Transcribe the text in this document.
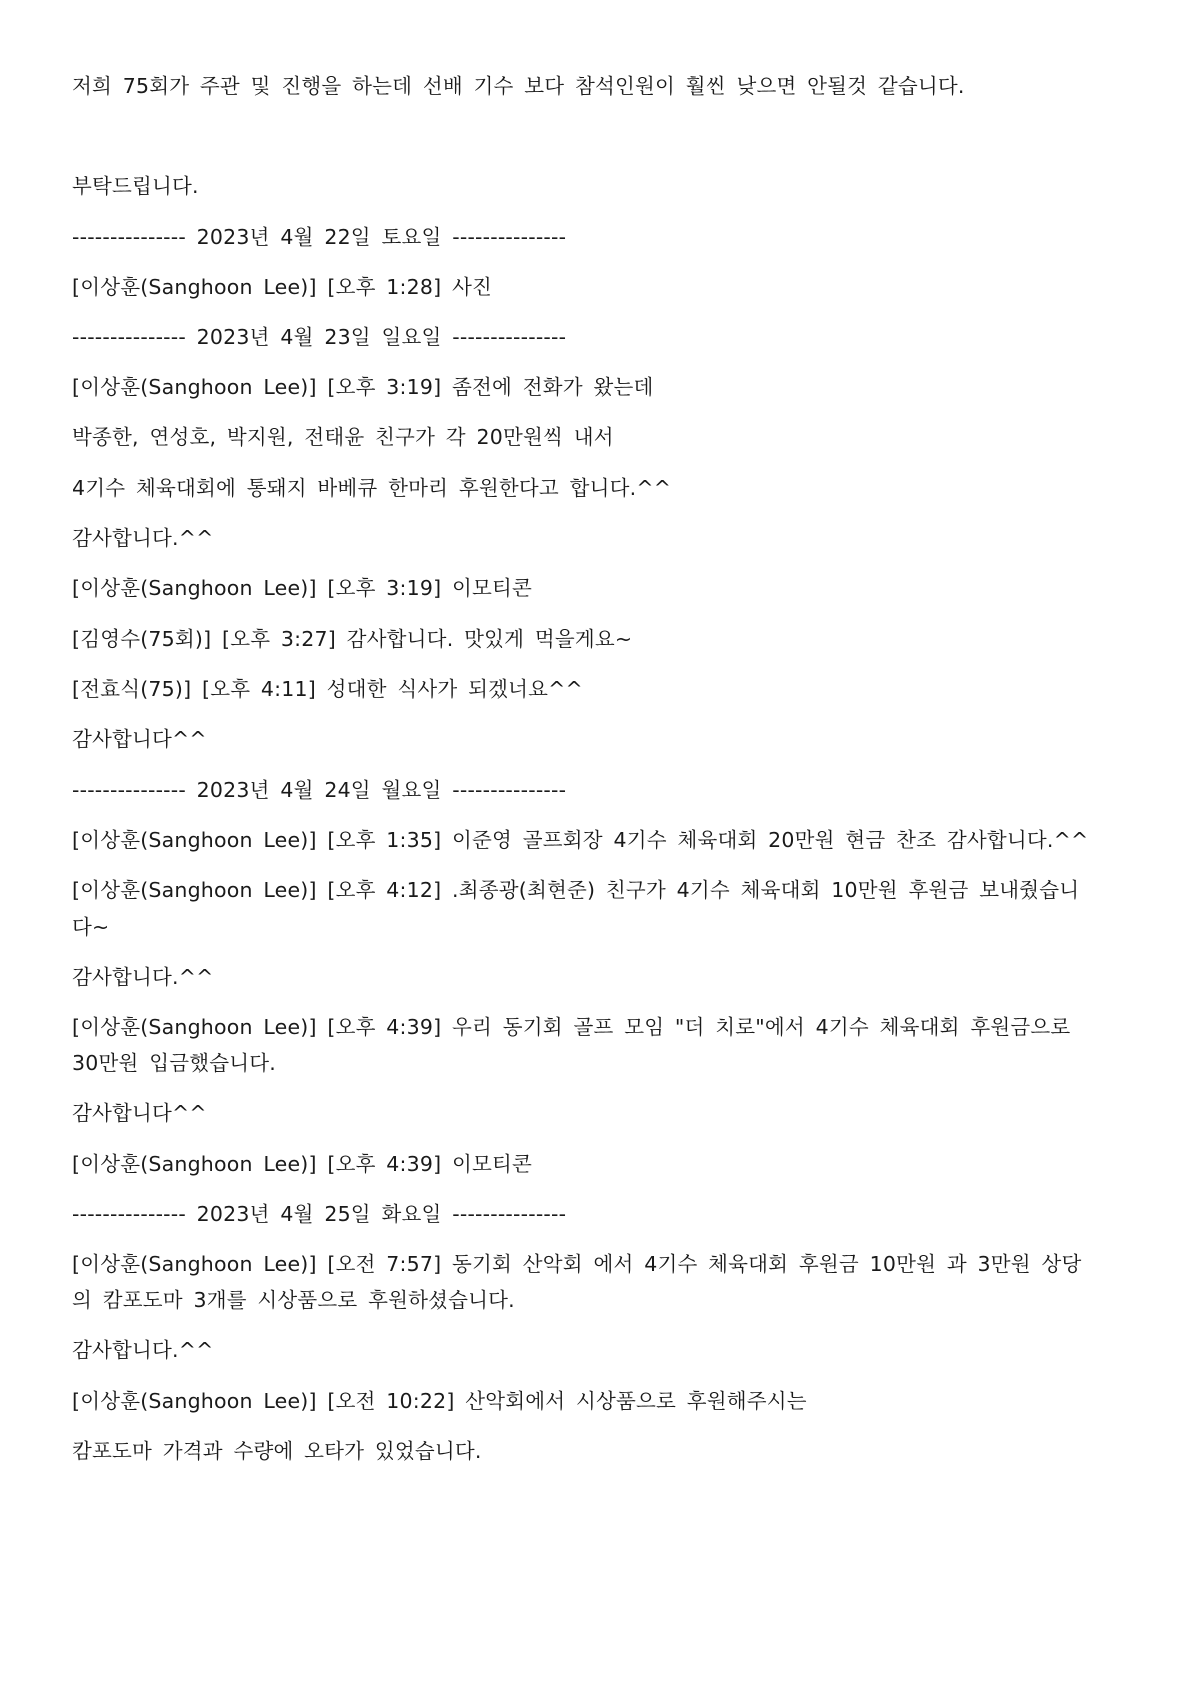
저희 75회가 주관 및 진행을 하는데 선배 기수 보다 참석인원이 훨씬 낮으면 안될것 같습니다.
부탁드립니다.
--------------- 2023년 4월 22일 토요일 ---------------
[이상훈(Sanghoon Lee)] [오후 1:28] 사진
--------------- 2023년 4월 23일 일요일 ---------------
[이상훈(Sanghoon Lee)] [오후 3:19] 좀전에 전화가 왔는데
박종한, 연성호, 박지원, 전태윤 친구가 각 20만원씩 내서
4기수 체육대회에 통돼지 바베큐 한마리 후원한다고 합니다.^^
감사합니다.^^
[이상훈(Sanghoon Lee)] [오후 3:19] 이모티콘
[김영수(75회)] [오후 3:27] 감사합니다. 맛있게 먹을게요~
[전효식(75)] [오후 4:11] 성대한 식사가 되겠너요^^
감사합니다^^
--------------- 2023년 4월 24일 월요일 ---------------
[이상훈(Sanghoon Lee)] [오후 1:35] 이준영 골프회장 4기수 체육대회 20만원 현금 찬조 감사합니다.^^
[이상훈(Sanghoon Lee)] [오후 4:12] .최종광(최현준) 친구가 4기수 체육대회 10만원 후원금 보내줬습니
다~
감사합니다.^^
[이상훈(Sanghoon Lee)] [오후 4:39] 우리 동기회 골프 모임 "더 치로"에서 4기수 체육대회 후원금으로
30만원 입금했습니다.
감사합니다^^
[이상훈(Sanghoon Lee)] [오후 4:39] 이모티콘
--------------- 2023년 4월 25일 화요일 ---------------
[이상훈(Sanghoon Lee)] [오전 7:57] 동기회 산악회 에서 4기수 체육대회 후원금 10만원 과 3만원 상당
의 캄포도마 3개를 시상품으로 후원하셨습니다.
감사합니다.^^
[이상훈(Sanghoon Lee)] [오전 10:22] 산악회에서 시상품으로 후원해주시는
캄포도마 가격과 수량에 오타가 있었습니다.
